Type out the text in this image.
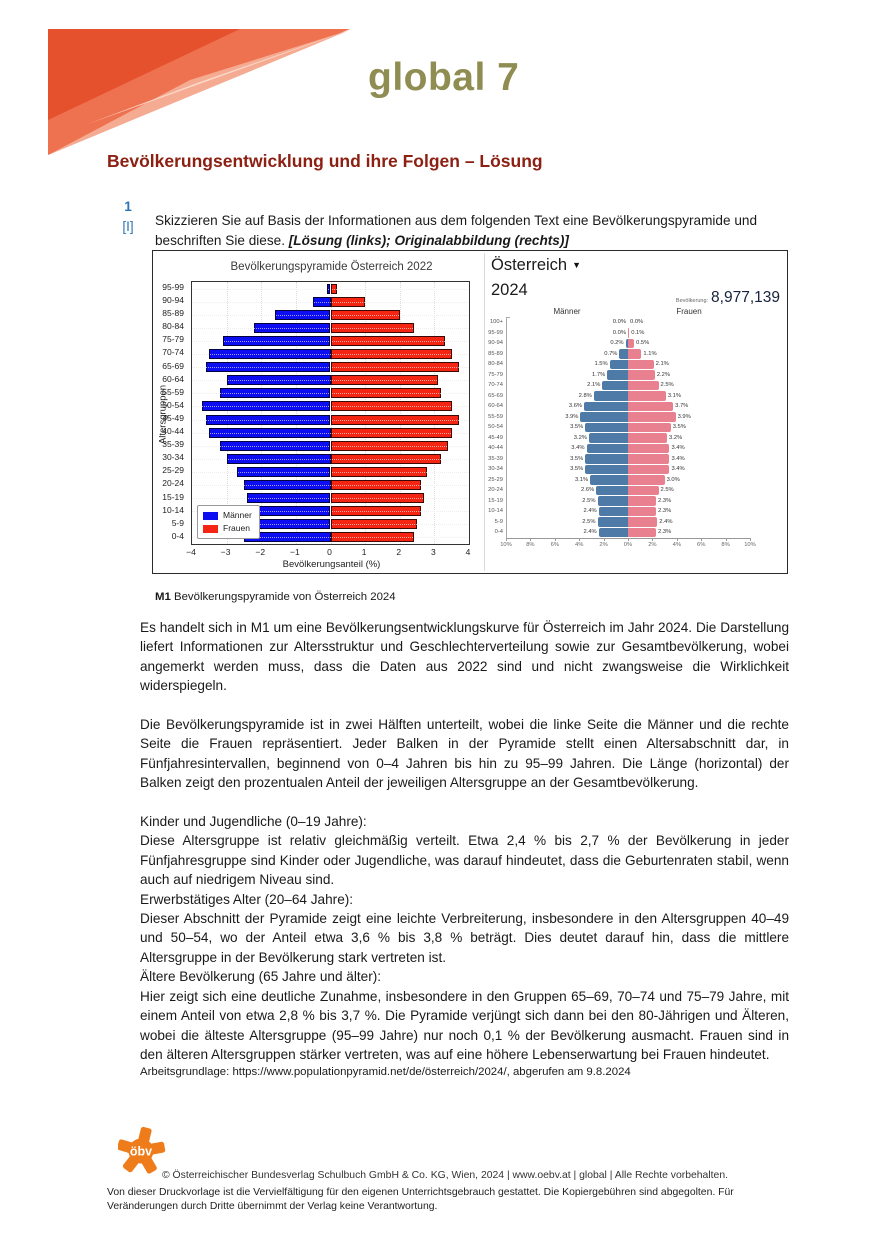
global 7
Bevölkerungsentwicklung und ihre Folgen – Lösung
1
[I]	Skizzieren Sie auf Basis der Informationen aus dem folgenden Text eine Bevölkerungspyramide und beschriften Sie diese. [Lösung (links); Originalabbildung (rechts)]

Bevölkerungspyramide Österreich 2022
Altersgruppen
95-99
90-94
85-89
80-84
75-79
70-74
65-69
60-64
55-59
50-54
45-49
40-44
35-39
30-34
25-29
20-24
15-19
10-14
5-9
0-4
Männer
Frauen
−4	−3	−2	−1	0	1	2	3	4
Bevölkerungsanteil (%)
Österreich ▼
2024
Bevölkerung: 8,977,139
Männer	Frauen
100+	0.0% 0.0%
95-99	0.0% 0.1%
90-94	0.2% 0.5%
85-89	0.7%	1.1%
80-84	1.5%	2.1%
75-79	1.7%	2.2%
70-74	2.1%	2.5%
65-69	2.8%	3.1%
60-64	3.6%	3.7%
55-59	3.9%	3.9%
50-54	3.5%	3.5%
45-49	3.2%	3.2%
40-44	3.4%	3.4%
35-39	3.5%	3.4%
30-34	3.5%	3.4%
25-29	3.1%	3.0%
20-24	2.6%	2.5%
15-19	2.5%	2.3%
10-14	2.4%	2.3%
5-9	2.5%	2.4%
0-4	2.4%	2.3%
10% 8%	6%	4%	2%	0%	2%	4%	6%	8% 10%

M1 Bevölkerungspyramide von Österreich 2024

Es handelt sich in M1 um eine Bevölkerungsentwicklungskurve für Österreich im Jahr 2024. Die Darstellung liefert Informationen zur Altersstruktur und Geschlechterverteilung sowie zur Gesamtbevölkerung, wobei angemerkt werden muss, dass die Daten aus 2022 sind und nicht zwangsweise die Wirklichkeit widerspiegeln.

Die Bevölkerungspyramide ist in zwei Hälften unterteilt, wobei die linke Seite die Männer und die rechte Seite die Frauen repräsentiert. Jeder Balken in der Pyramide stellt einen Altersabschnitt dar, in Fünfjahresintervallen, beginnend von 0–4 Jahren bis hin zu 95–99 Jahren. Die Länge (horizontal) der Balken zeigt den prozentualen Anteil der jeweiligen Altersgruppe an der Gesamtbevölkerung.

Kinder und Jugendliche (0–19 Jahre):

Diese Altersgruppe ist relativ gleichmäßig verteilt. Etwa 2,4 % bis 2,7 % der Bevölkerung in jeder Fünfjahresgruppe sind Kinder oder Jugendliche, was darauf hindeutet, dass die Geburtenraten stabil, wenn auch auf niedrigem Niveau sind.

Erwerbstätiges Alter (20–64 Jahre):

Dieser Abschnitt der Pyramide zeigt eine leichte Verbreiterung, insbesondere in den Altersgruppen 40–49 und 50–54, wo der Anteil etwa 3,6 % bis 3,8 % beträgt. Dies deutet darauf hin, dass die mittlere Altersgruppe in der Bevölkerung stark vertreten ist.

Ältere Bevölkerung (65 Jahre und älter):

Hier zeigt sich eine deutliche Zunahme, insbesondere in den Gruppen 65–69, 70–74 und 75–79 Jahre, mit einem Anteil von etwa 2,8 % bis 3,7 %. Die Pyramide verjüngt sich dann bei den 80-Jährigen und Älteren, wobei die älteste Altersgruppe (95–99 Jahre) nur noch 0,1 % der Bevölkerung ausmacht. Frauen sind in den älteren Altersgruppen stärker vertreten, was auf eine höhere Lebenserwartung bei Frauen hindeutet.

Arbeitsgrundlage: https://www.populationpyramid.net/de/österreich/2024/, abgerufen am 9.8.2024

öbv
© Österreichischer Bundesverlag Schulbuch GmbH & Co. KG, Wien, 2024 | www.oebv.at | global | Alle Rechte vorbehalten.
Von dieser Druckvorlage ist die Vervielfältigung für den eigenen Unterrichtsgebrauch gestattet. Die Kopiergebühren sind abgegolten. Für Veränderungen durch Dritte übernimmt der Verlag keine Verantwortung.
